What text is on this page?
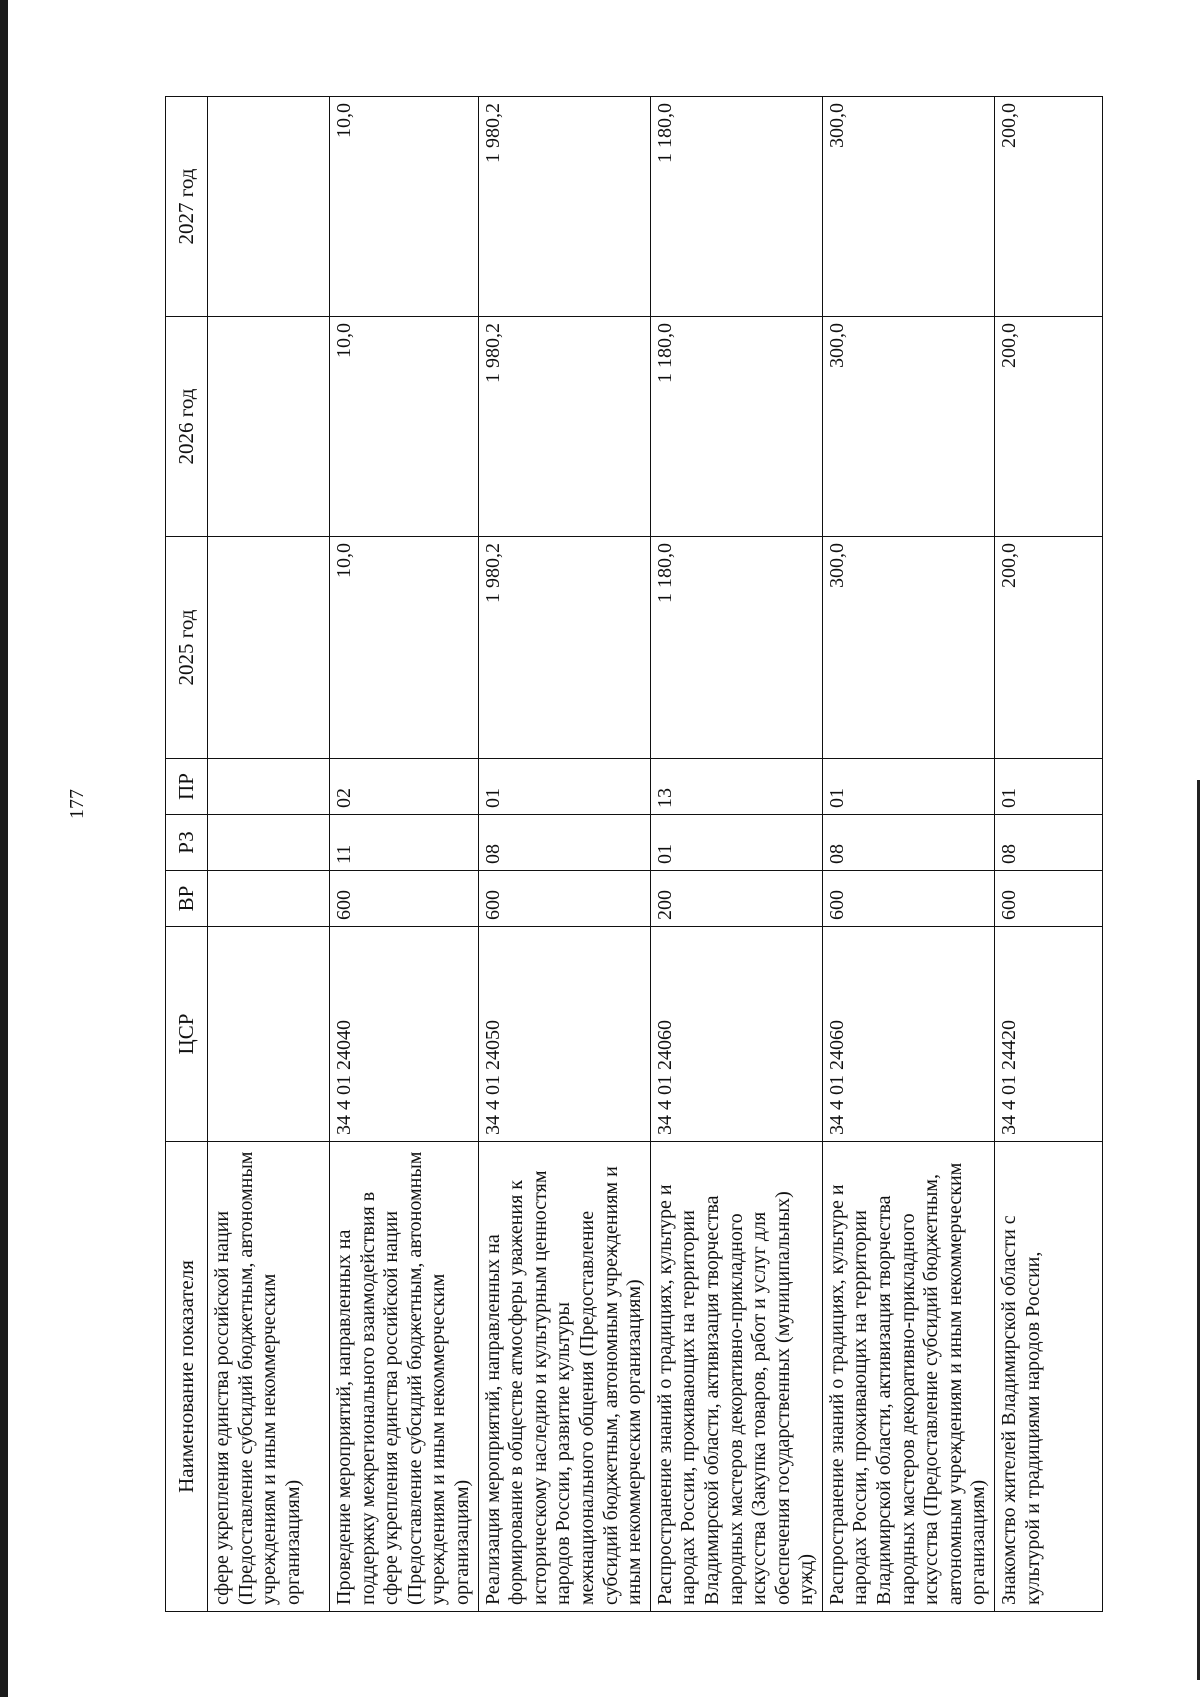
177
Наименование показателя	ЦСР	ВР	РЗ	ПР	2025 год	2026 год	2027 год
сфере укрепления единства российской нации (Предоставление субсидий бюджетным, автономным учреждениям и иным некоммерческим организациям)							
Проведение мероприятий, направленных на поддержку межрегионального взаимодействия в сфере укрепления единства российской нации (Предоставление субсидий бюджетным, автономным учреждениям и иным некоммерческим организациям)	34 4 01 24040	600	11	02	10,0	10,0	10,0
Реализация мероприятий, направленных на формирование в обществе атмосферы уважения к историческому наследию и культурным ценностям народов России, развитие культуры межнационального общения (Предоставление субсидий бюджетным, автономным учреждениям и иным некоммерческим организациям)	34 4 01 24050	600	08	01	1 980,2	1 980,2	1 980,2
Распространение знаний о традициях, культуре и народах России, проживающих на территории Владимирской области, активизация творчества народных мастеров декоративно-прикладного искусства (Закупка товаров, работ и услуг для обеспечения государственных (муниципальных) нужд)	34 4 01 24060	200	01	13	1 180,0	1 180,0	1 180,0
Распространение знаний о традициях, культуре и народах России, проживающих на территории Владимирской области, активизация творчества народных мастеров декоративно-прикладного искусства (Предоставление субсидий бюджетным, автономным учреждениям и иным некоммерческим организациям)	34 4 01 24060	600	08	01	300,0	300,0	300,0
Знакомство жителей Владимирской области с культурой и традициями народов России,	34 4 01 24420	600	08	01	200,0	200,0	200,0
